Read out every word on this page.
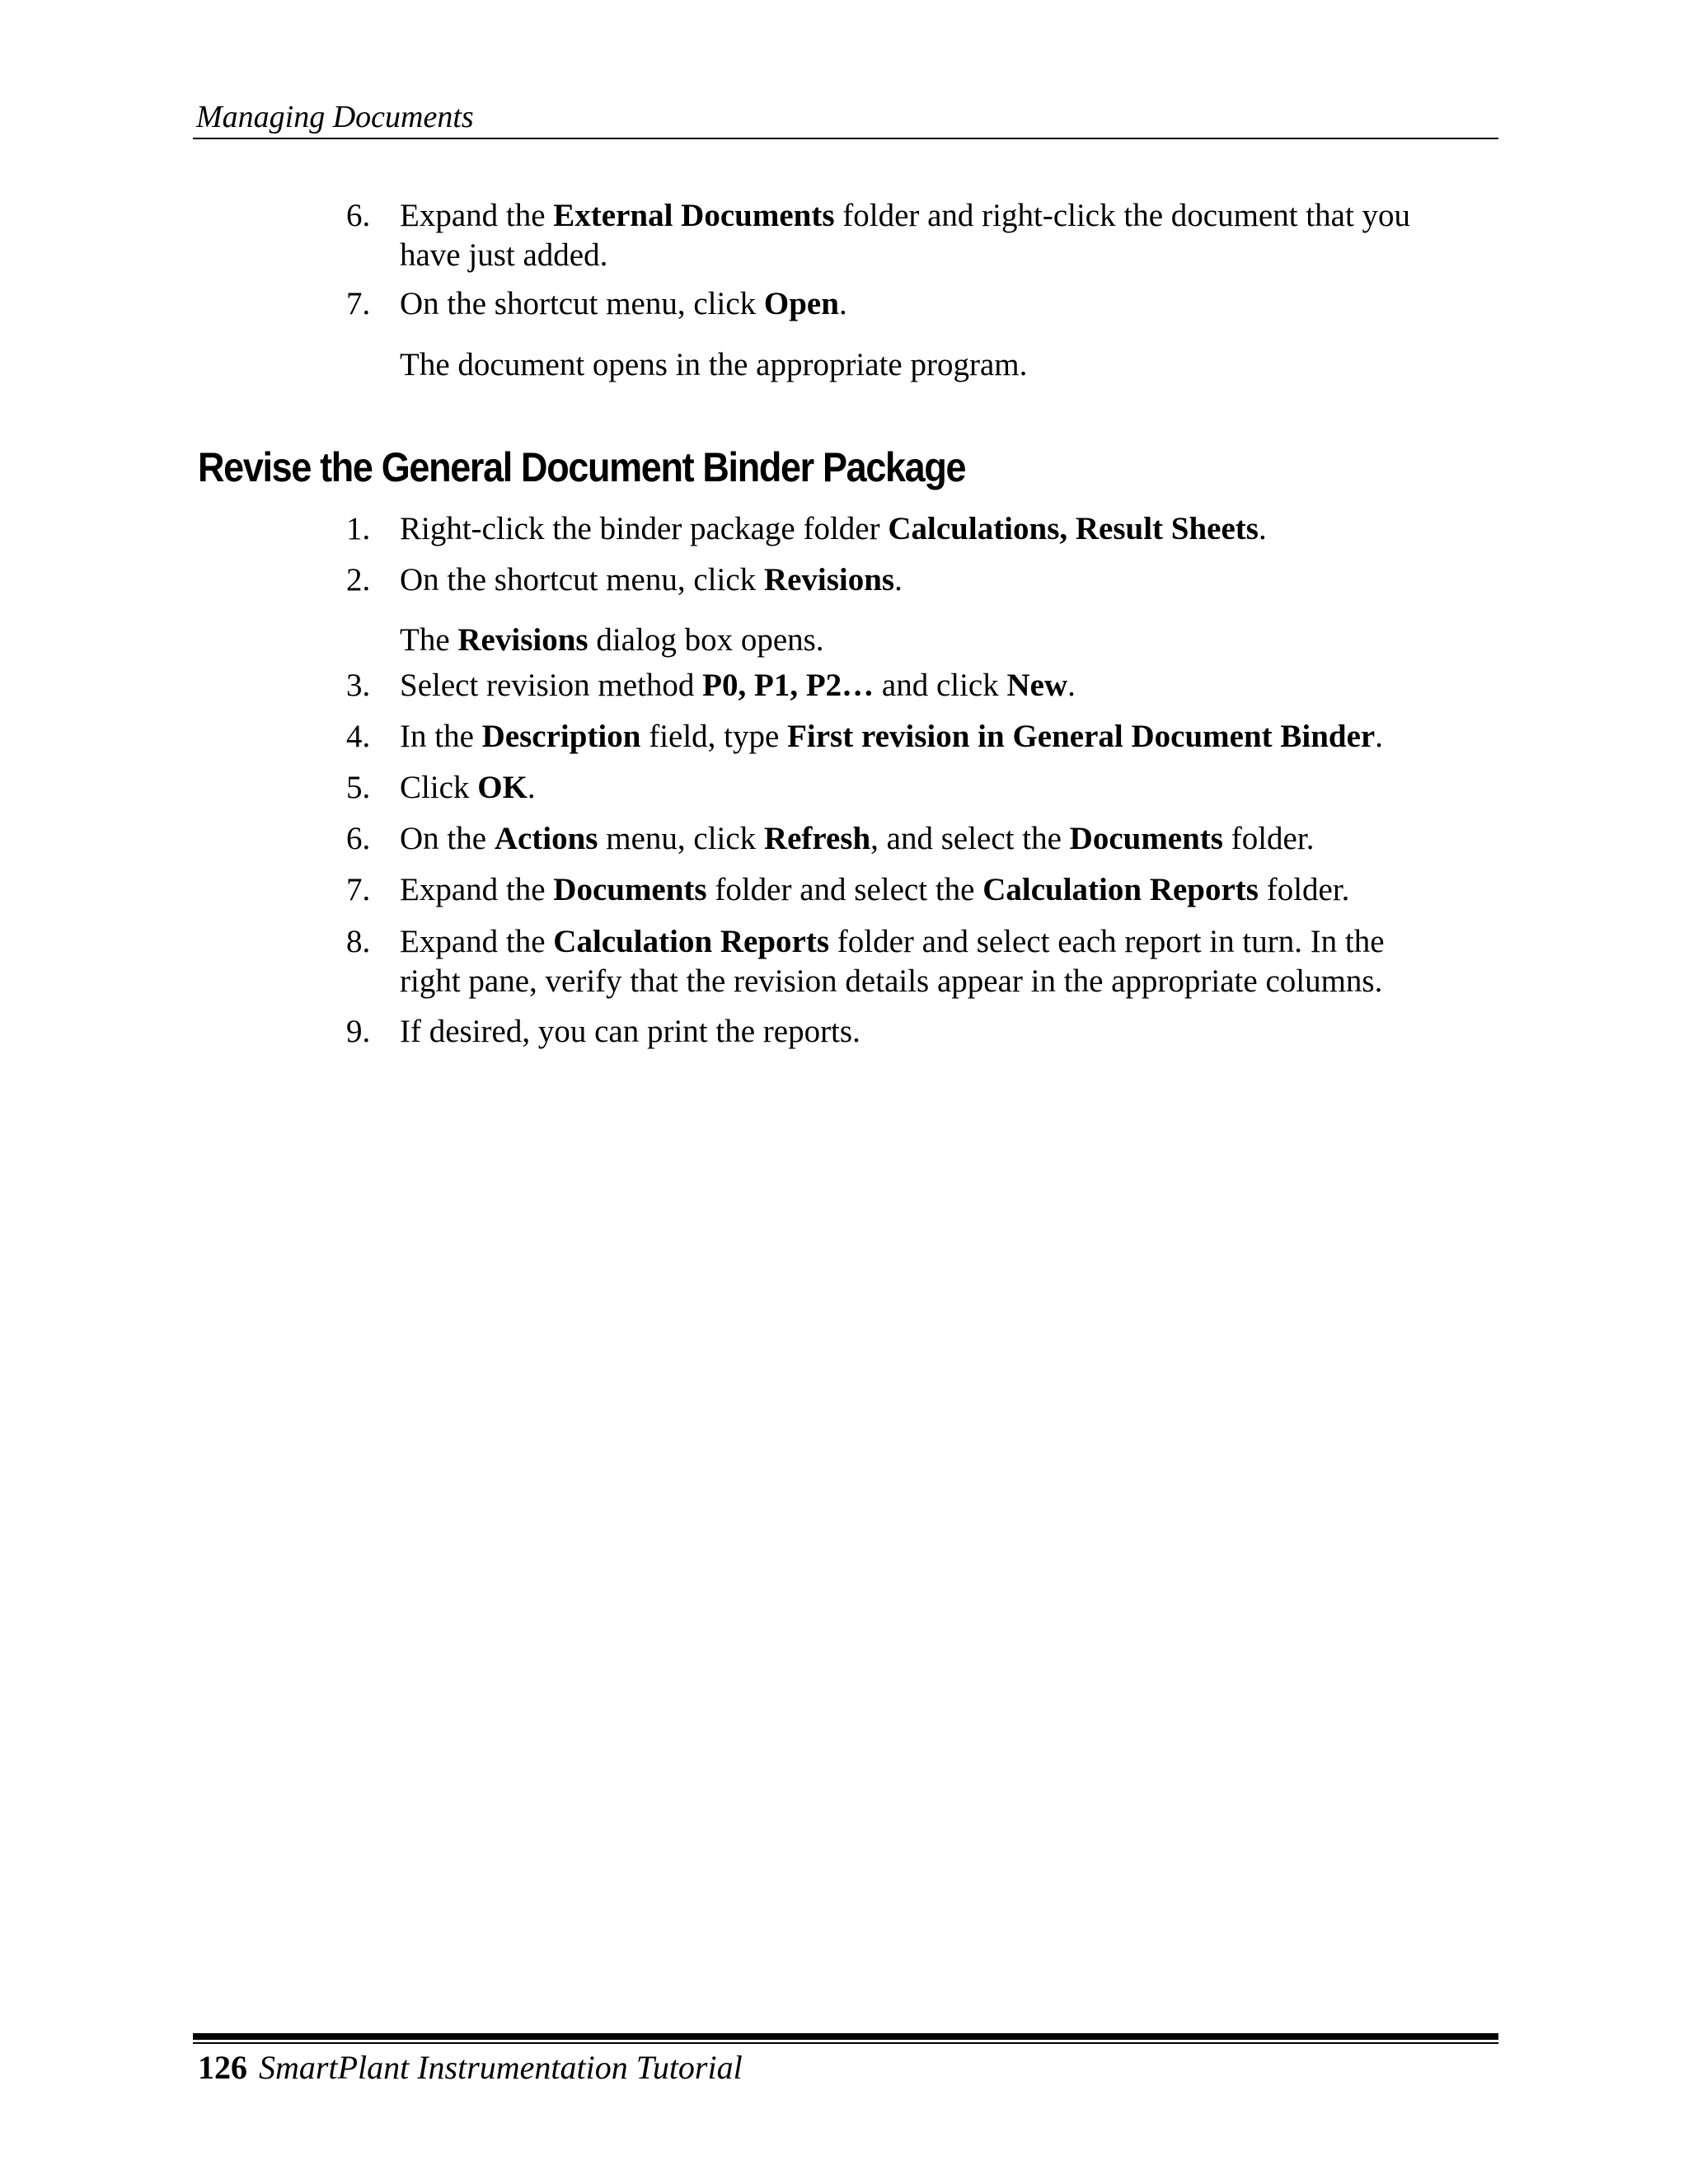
Managing Documents
6. Expand the External Documents folder and right-click the document that you have just added.
7. On the shortcut menu, click Open.
The document opens in the appropriate program.
Revise the General Document Binder Package
1. Right-click the binder package folder Calculations, Result Sheets.
2. On the shortcut menu, click Revisions.
The Revisions dialog box opens.
3. Select revision method P0, P1, P2… and click New.
4. In the Description field, type First revision in General Document Binder.
5. Click OK.
6. On the Actions menu, click Refresh, and select the Documents folder.
7. Expand the Documents folder and select the Calculation Reports folder.
8. Expand the Calculation Reports folder and select each report in turn. In the right pane, verify that the revision details appear in the appropriate columns.
9. If desired, you can print the reports.
126 SmartPlant Instrumentation Tutorial
